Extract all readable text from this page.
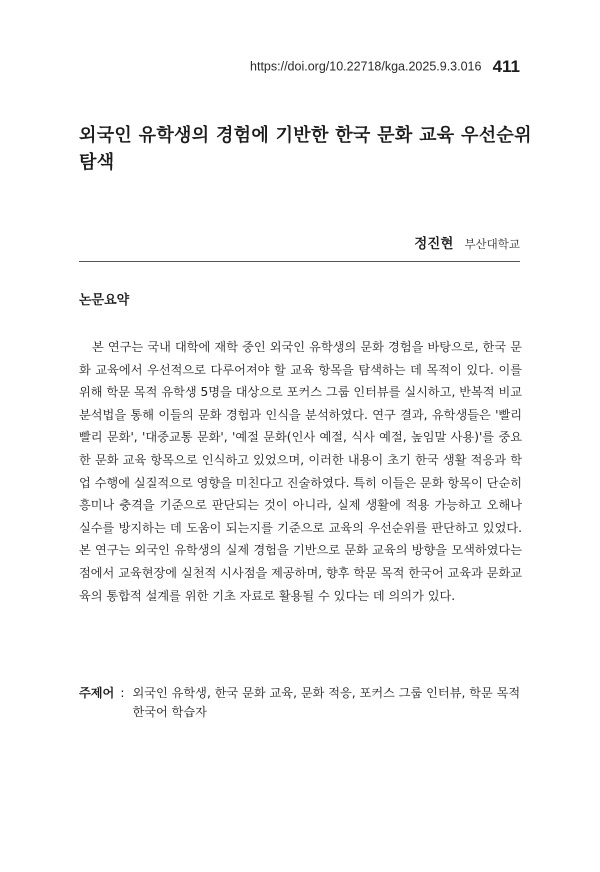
https://doi.org/10.22718/kga.2025.9.3.016 411
외국인 유학생의 경험에 기반한 한국 문화 교육 우선순위 탐색
정진현 부산대학교
논문요약

본 연구는 국내 대학에 재학 중인 외국인 유학생의 문화 경험을 바탕으로, 한국 문화 교육에서 우선적으로 다루어져야 할 교육 항목을 탐색하는 데 목적이 있다. 이를 위해 학문 목적 유학생 5명을 대상으로 포커스 그룹 인터뷰를 실시하고, 반복적 비교분석법을 통해 이들의 문화 경험과 인식을 분석하였다. 연구 결과, 유학생들은 '빨리빨리 문화', '대중교통 문화', '예절 문화(인사 예절, 식사 예절, 높임말 사용)'를 중요한 문화 교육 항목으로 인식하고 있었으며, 이러한 내용이 초기 한국 생활 적응과 학업 수행에 실질적으로 영향을 미친다고 진술하였다. 특히 이들은 문화 항목이 단순히 흥미나 충격을 기준으로 판단되는 것이 아니라, 실제 생활에 적용 가능하고 오해나 실수를 방지하는 데 도움이 되는지를 기준으로 교육의 우선순위를 판단하고 있었다. 본 연구는 외국인 유학생의 실제 경험을 기반으로 문화 교육의 방향을 모색하였다는 점에서 교육현장에 실천적 시사점을 제공하며, 향후 학문 목적 한국어 교육과 문화교육의 통합적 설계를 위한 기초 자료로 활용될 수 있다는 데 의의가 있다.

주제어 : 외국인 유학생, 한국 문화 교육, 문화 적응, 포커스 그룹 인터뷰, 학문 목적 한국어 학습자
